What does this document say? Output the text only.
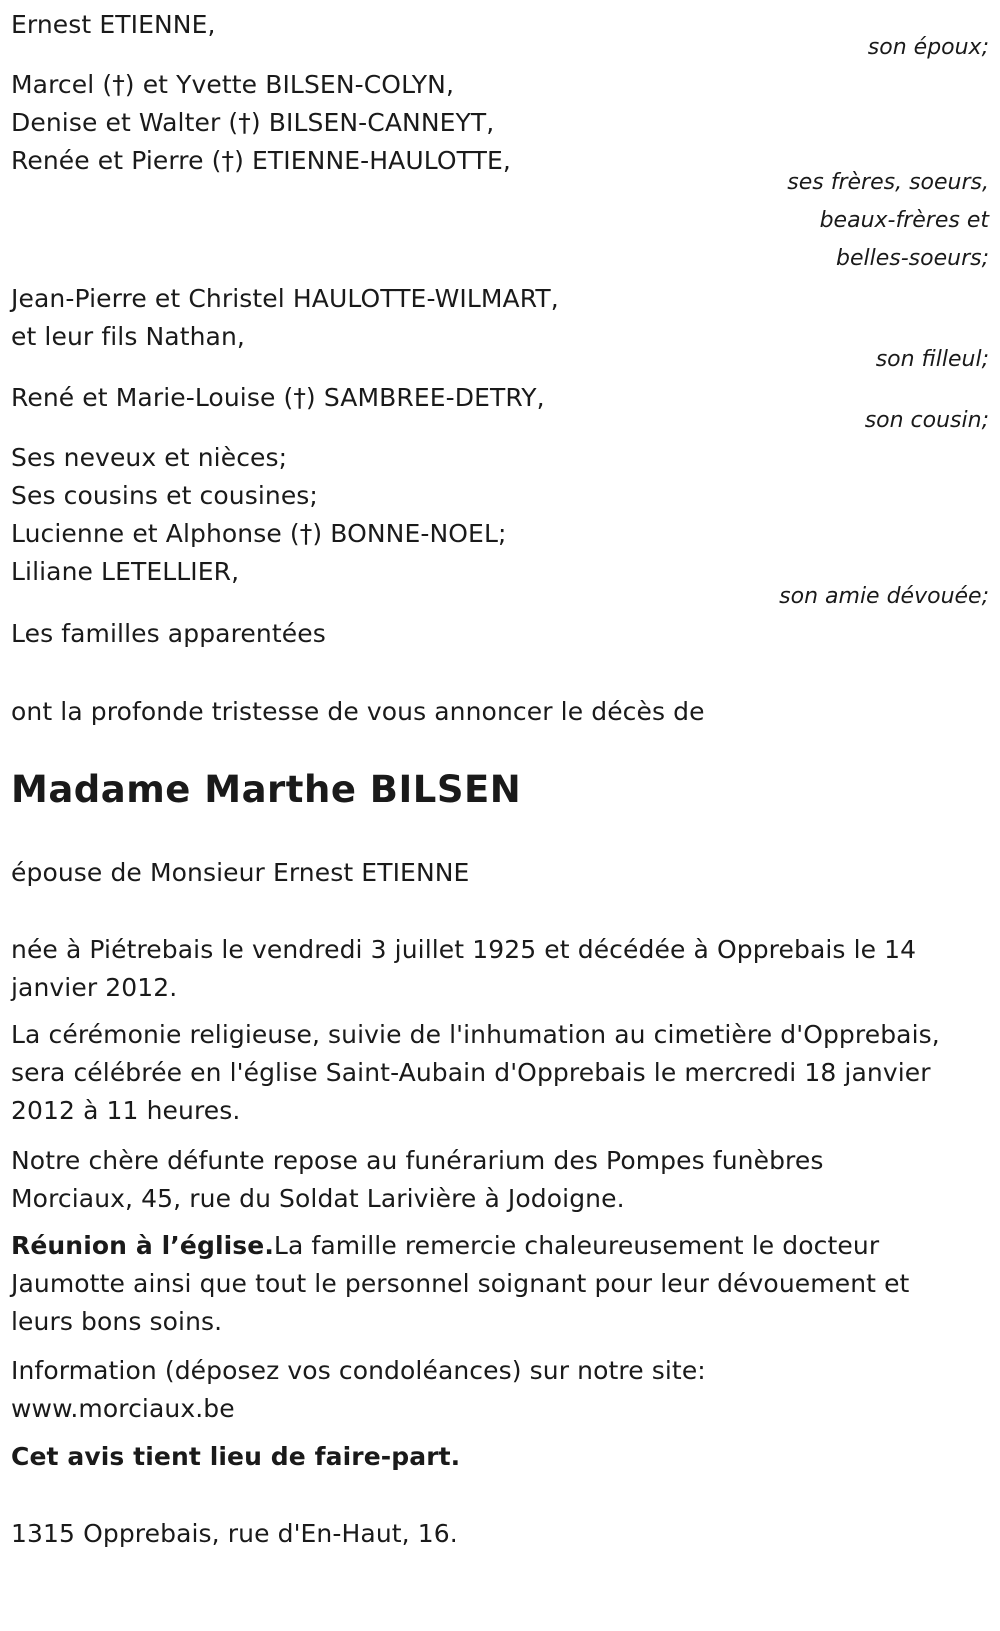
Ernest ETIENNE,
son époux;
Marcel (†) et Yvette BILSEN-COLYN,
Denise et Walter (†) BILSEN-CANNEYT,
Renée et Pierre (†) ETIENNE-HAULOTTE,
ses frères, soeurs,
beaux-frères et
belles-soeurs;
Jean-Pierre et Christel HAULOTTE-WILMART,
et leur fils Nathan,
son filleul;
René et Marie-Louise (†) SAMBREE-DETRY,
son cousin;
Ses neveux et nièces;
Ses cousins et cousines;
Lucienne et Alphonse (†) BONNE-NOEL;
Liliane LETELLIER,
son amie dévouée;
Les familles apparentées
ont la profonde tristesse de vous annoncer le décès de
Madame Marthe BILSEN
épouse de Monsieur Ernest ETIENNE
née à Piétrebais le vendredi 3 juillet 1925 et décédée à Opprebais le 14
janvier 2012.
La cérémonie religieuse, suivie de l'inhumation au cimetière d'Opprebais,
sera célébrée en l'église Saint-Aubain d'Opprebais le mercredi 18 janvier
2012 à 11 heures.
Notre chère défunte repose au funérarium des Pompes funèbres
Morciaux, 45, rue du Soldat Larivière à Jodoigne.
Réunion à l’église.La famille remercie chaleureusement le docteur
Jaumotte ainsi que tout le personnel soignant pour leur dévouement et
leurs bons soins.
Information (déposez vos condoléances) sur notre site:
www.morciaux.be
Cet avis tient lieu de faire-part.
1315 Opprebais, rue d'En-Haut, 16.
